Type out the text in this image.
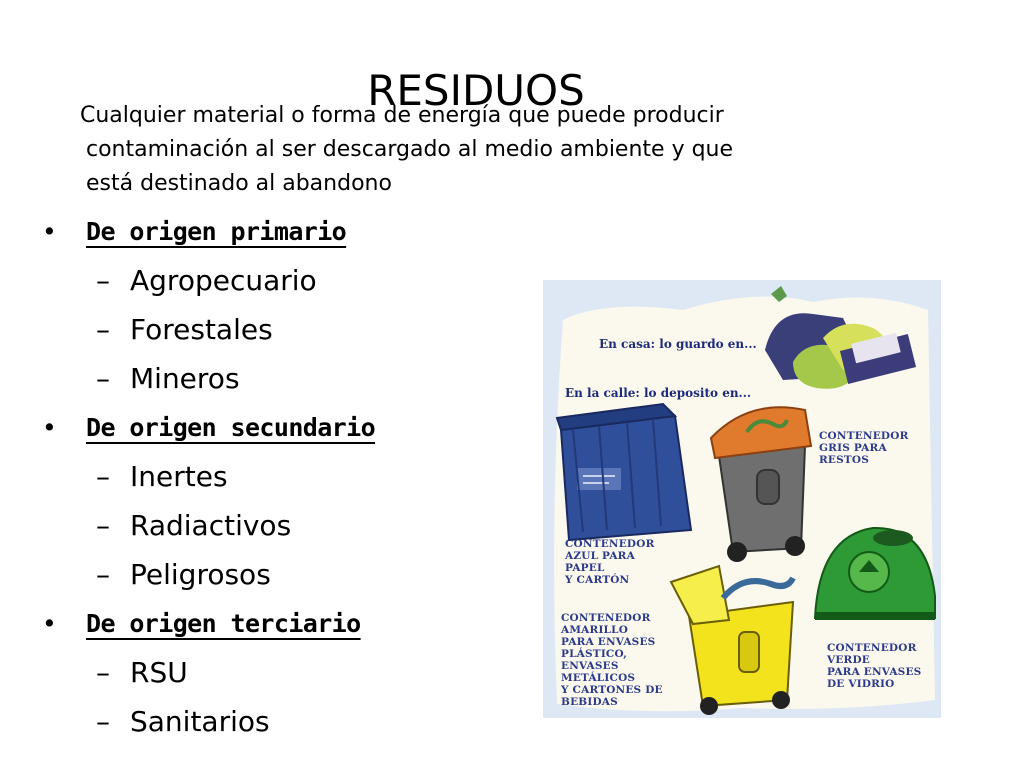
RESIDUOS
Cualquier material o forma de energía que puede producir contaminación al ser descargado al medio ambiente y que está destinado al abandono
• De origen primario
– Agropecuario
– Forestales
– Mineros
• De origen secundario
– Inertes
– Radiactivos
– Peligrosos
• De origen terciario
– RSU
– Sanitarios
En casa: lo guardo en...
En la calle: lo deposito en...
CONTENEDOR
GRIS PARA
RESTOS
CONTENEDOR
AZUL PARA
PAPEL
Y CARTÓN
CONTENEDOR
AMARILLO
PARA ENVASES
PLÁSTICO,
ENVASES
METÁLICOS
Y CARTONES DE
BEBIDAS
CONTENEDOR
VERDE
PARA ENVASES
DE VIDRIO
